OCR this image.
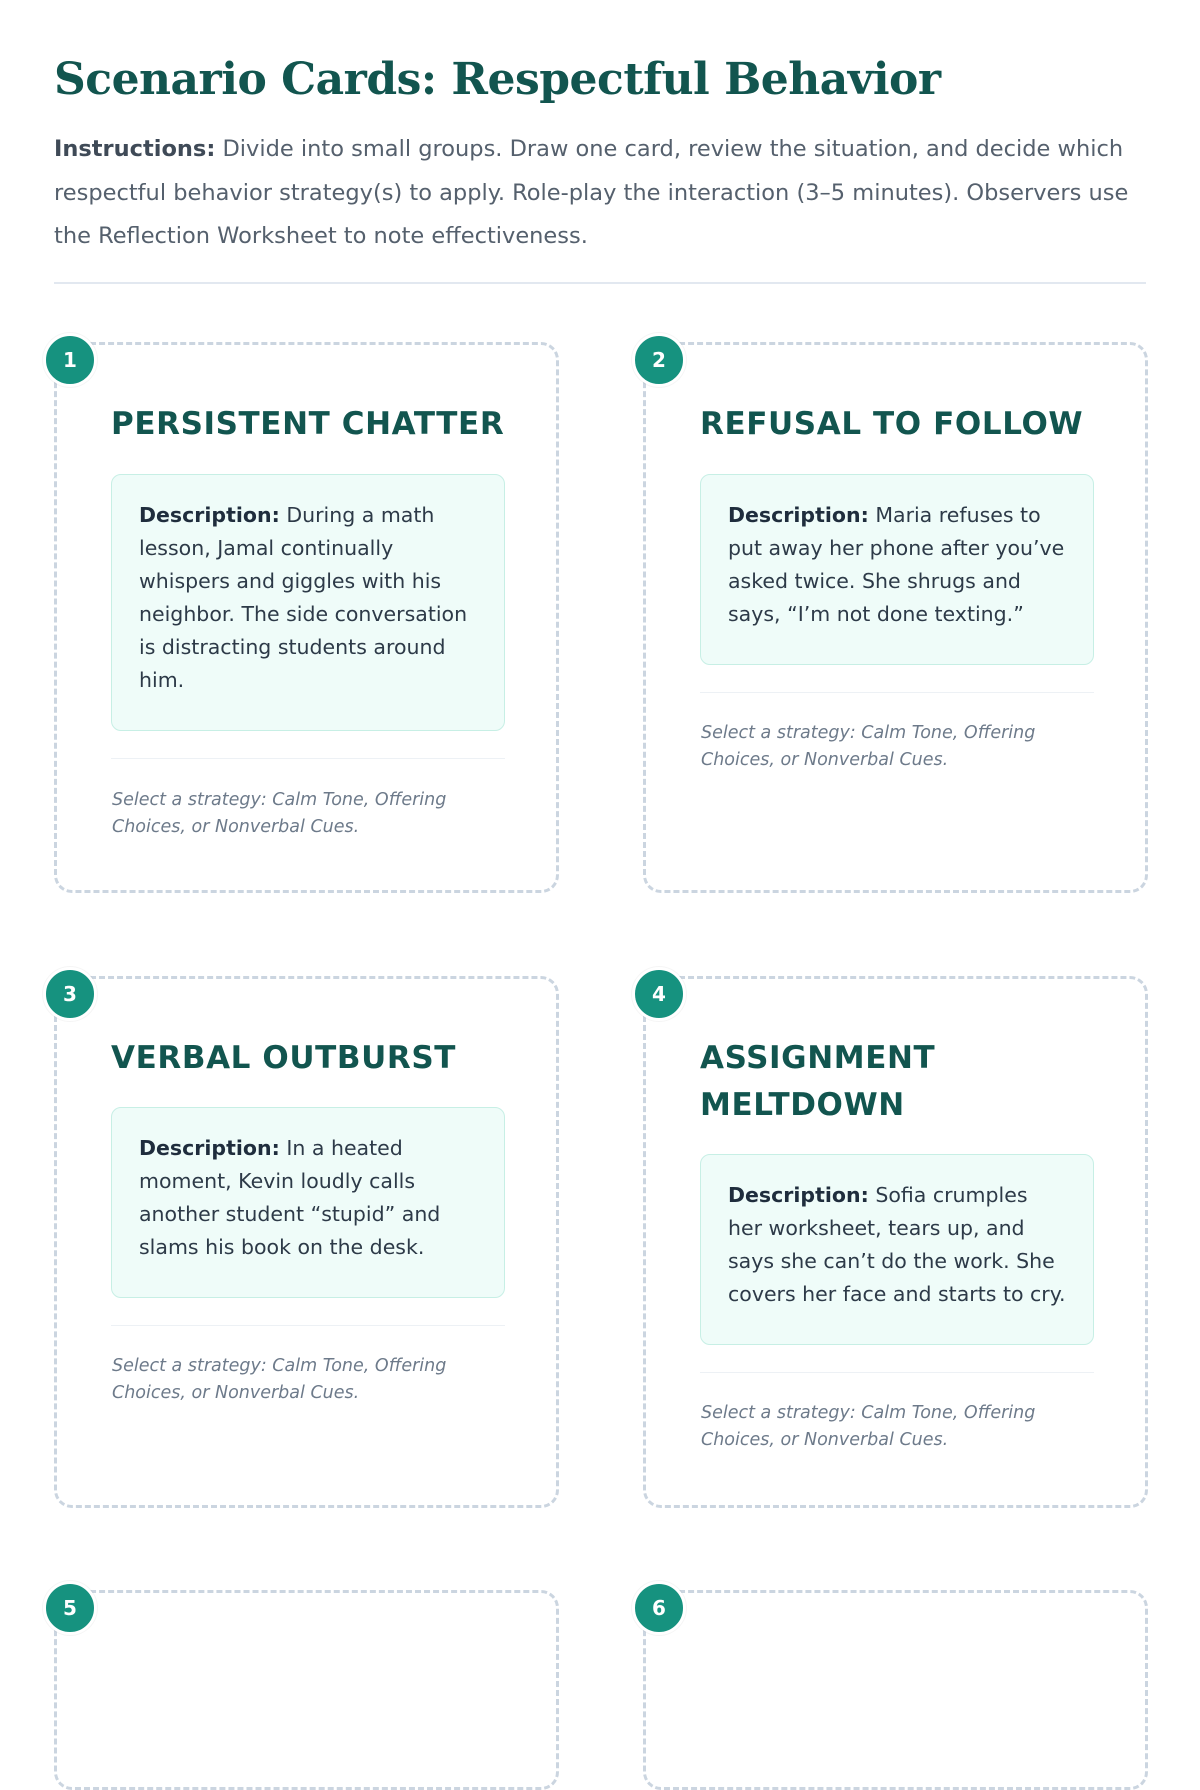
Scenario Cards: Respectful Behavior

Instructions: Divide into small groups. Draw one card, review the situation, and decide which respectful behavior strategy(s) to apply. Role-play the interaction (3–5 minutes). Observers use the Reflection Worksheet to note effectiveness.

1
PERSISTENT CHATTER
Description: During a math lesson, Jamal continually whispers and giggles with his neighbor. The side conversation is distracting students around him.

Select a strategy: Calm Tone, Offering Choices, or Nonverbal Cues.

2
REFUSAL TO FOLLOW
Description: Maria refuses to put away her phone after you’ve asked twice. She shrugs and says, “I’m not done texting.”

Select a strategy: Calm Tone, Offering Choices, or Nonverbal Cues.

3
VERBAL OUTBURST
Description: In a heated moment, Kevin loudly calls another student “stupid” and slams his book on the desk.

Select a strategy: Calm Tone, Offering Choices, or Nonverbal Cues.

4
ASSIGNMENT MELTDOWN
Description: Sofia crumples her worksheet, tears up, and says she can’t do the work. She covers her face and starts to cry.

Select a strategy: Calm Tone, Offering Choices, or Nonverbal Cues.

5	6
